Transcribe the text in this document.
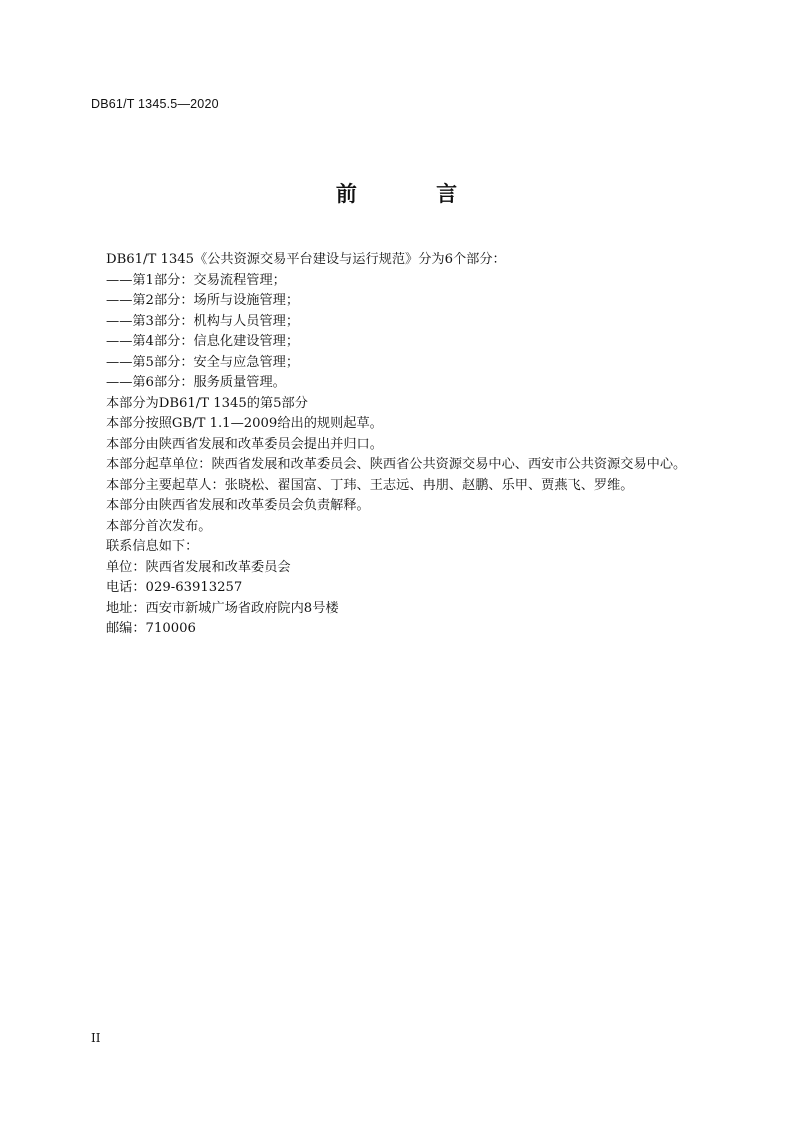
DB61/T 1345.5—2020
前 言
DB61/T 1345《公共资源交易平台建设与运行规范》分为6个部分：
——第1部分：交易流程管理；
——第2部分：场所与设施管理；
——第3部分：机构与人员管理；
——第4部分：信息化建设管理；
——第5部分：安全与应急管理；
——第6部分：服务质量管理。
本部分为DB61/T 1345的第5部分
本部分按照GB/T 1.1—2009给出的规则起草。
本部分由陕西省发展和改革委员会提出并归口。
本部分起草单位：陕西省发展和改革委员会、陕西省公共资源交易中心、西安市公共资源交易中心。
本部分主要起草人：张晓松、翟国富、丁玮、王志远、冉朋、赵鹏、乐甲、贾燕飞、罗维。
本部分由陕西省发展和改革委员会负责解释。
本部分首次发布。
联系信息如下：
单位：陕西省发展和改革委员会
电话：029-63913257
地址：西安市新城广场省政府院内8号楼
邮编：710006
II
